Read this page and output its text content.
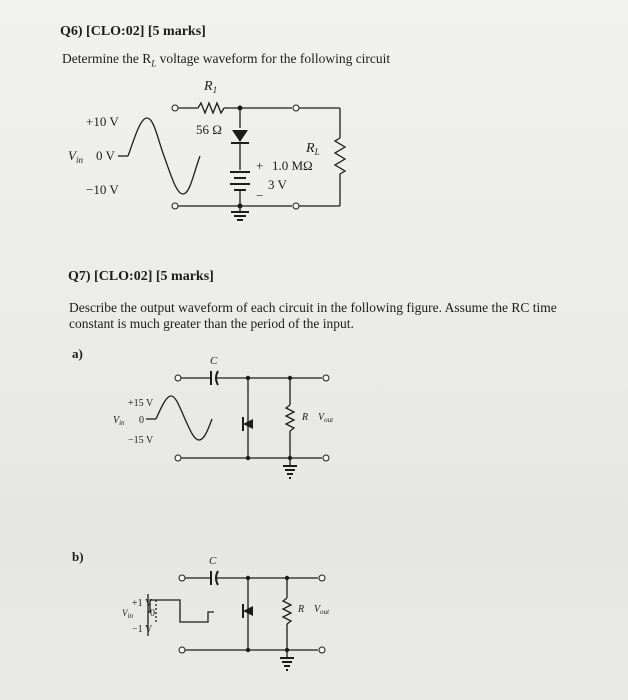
Q6) [CLO:02] [5 marks]
Determine the $R_L$ voltage waveform for the following circuit
$R_1$
56 Ω
+
3 V
−
$R_L$
1.0 MΩ
+10 V
$V_{in}$ 0 V
−10 V
Q7) [CLO:02] [5 marks]
Describe the output waveform of each circuit in the following figure. Assume the RC time
constant is much greater than the period of the input.
a)
b)
C
R $V_{out}$
+15 V
$V_{in}$ 0
−15 V
C
R $V_{out}$
+1 V
$V_{in}$ 0
−1 V
